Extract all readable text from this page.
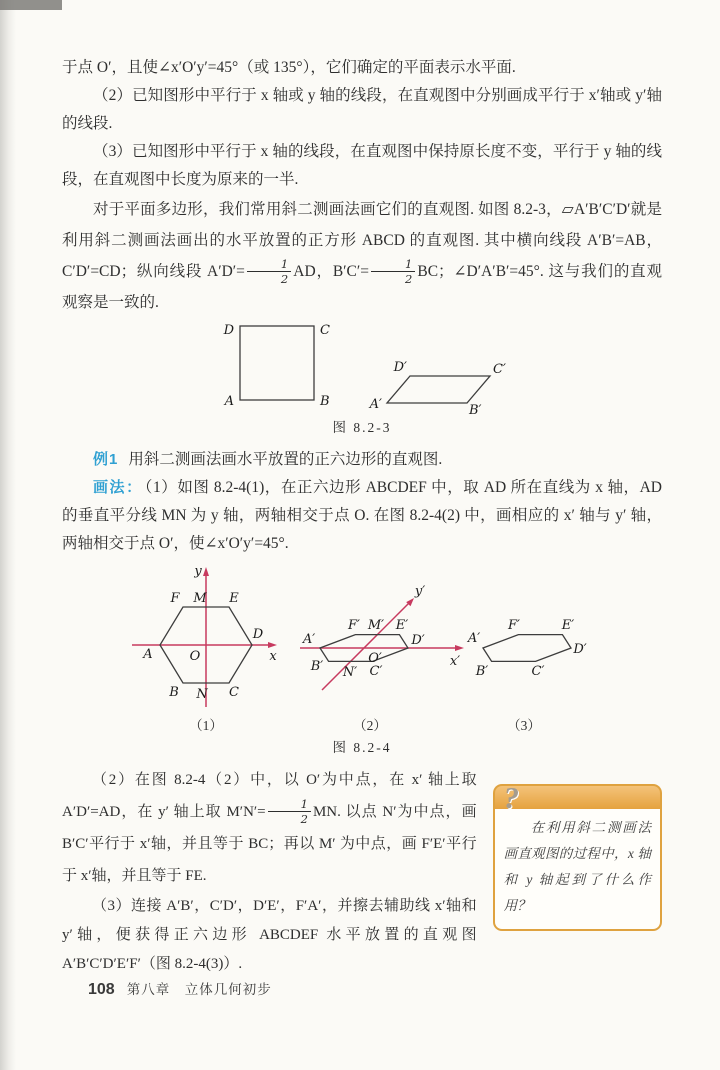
于点 O′，且使∠x′O′y′=45°（或 135°），它们确定的平面表示水平面.

（2）已知图形中平行于 x 轴或 y 轴的线段，在直观图中分别画成平行于 x′轴或 y′轴的线段.

（3）已知图形中平行于 x 轴的线段，在直观图中保持原长度不变，平行于 y 轴的线段，在直观图中长度为原来的一半.

对于平面多边形，我们常用斜二测画法画它们的直观图. 如图 8.2-3，▱A′B′C′D′就是利用斜二测画法画出的水平放置的正方形 ABCD 的直观图. 其中横向线段 A′B′=AB，C′D′=CD；纵向线段 $A'D'= \frac{1}{2}$ AD，$B'C'= \frac{1}{2}$ BC；∠D′A′B′=45°. 这与我们的直观观察是一致的.

D	C
A	B	A′	B′
C′
D′
图 8.2-3

例1 用斜二测画法画水平放置的正六边形的直观图.

画法： （1）如图 8.2-4(1)，在正六边形 ABCDEF 中，取 AD 所在直线为 x 轴，AD 的垂直平分线 MN 为 y 轴，两轴相交于点 O. 在图 8.2-4(2) 中，画相应的 x′ 轴与 y′ 轴，两轴相交于点 O′，使∠x′O′y′=45°.

F M E
A	O
D
B N C
x
y
A′
F′ M′ E′
D′
O′
B′ N′ C′
x′
y′
A′
B′	C′
D′
E′
F′
（1）	（2）	（3）
图 8.2-4

（2）在图 8.2-4（2）中，以 O′为中点，在 x′ 轴上取 A′D′=AD，在 y′ 轴上取 $M'N'= \frac{1}{2}$ MN. 以点 N′为中点，画 B′C′平行于 x′轴，并且等于 BC；再以 M′ 为中点，画 F′E′平行于 x′轴，并且等于 FE.

（3）连接 A′B′，C′D′，D′E′，F′A′，并擦去辅助线 x′轴和 y′轴，便获得正六边形 ABCDEF 水平放置的直观图 A′B′C′D′E′F′（图 8.2-4(3)）.

在利用斜二测画法画直观图的过程中，x 轴和 y 轴起到了什么作用？

?
108 第八章　立体几何初步
